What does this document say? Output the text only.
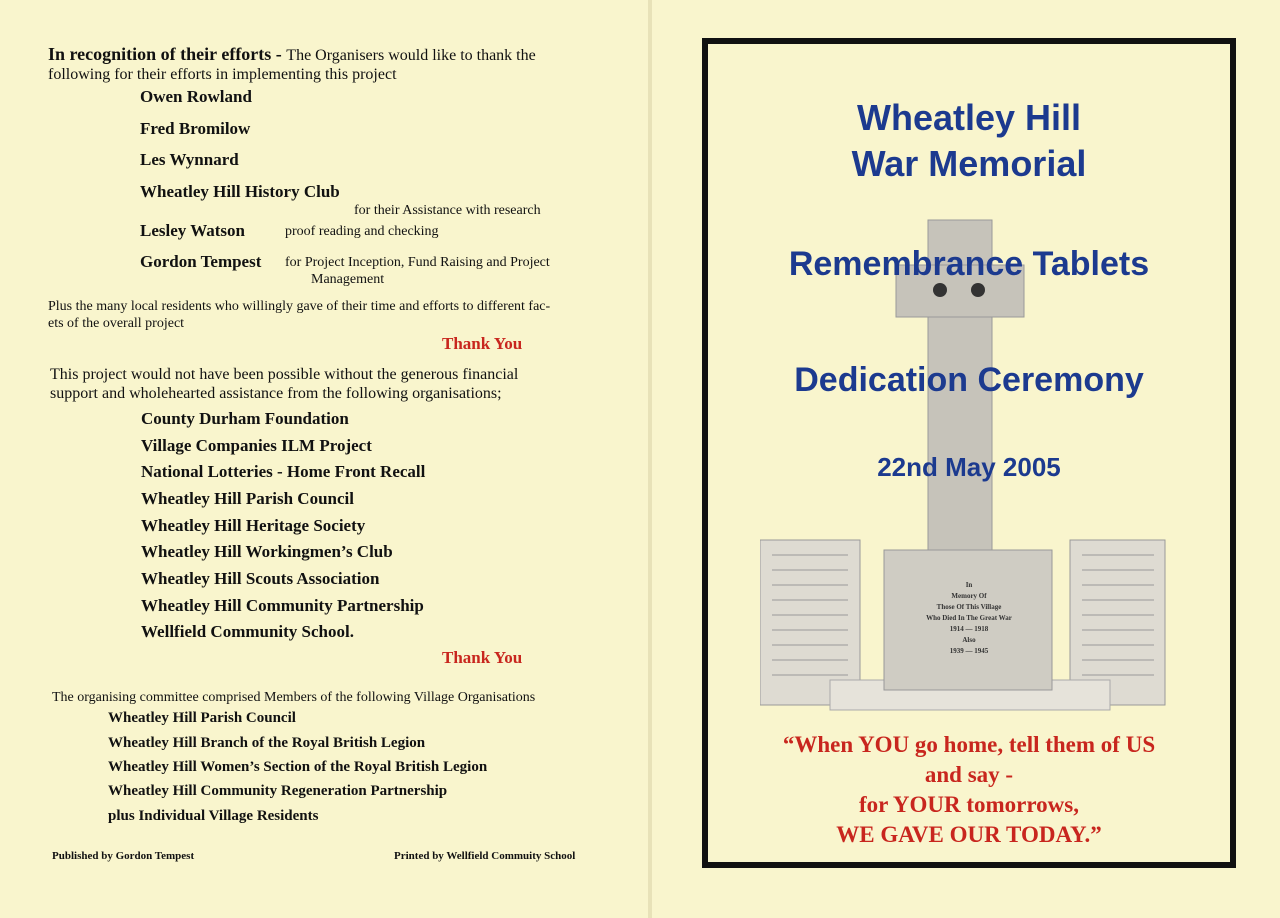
In recognition of their efforts - The Organisers would like to thank the
following for their efforts in implementing this project
Owen Rowland
Fred Bromilow
Les Wynnard
Wheatley Hill History Club
for their Assistance with research
Lesley Watson	proof reading and checking
Gordon Tempest for Project Inception, Fund Raising and Project
Management
Plus the many local residents who willingly gave of their time and efforts to different fac-
ets of the overall project
Thank You
This project would not have been possible without the generous financial
support and wholehearted assistance from the following organisations;
County Durham Foundation
Village Companies ILM Project
National Lotteries - Home Front Recall
Wheatley Hill Parish Council
Wheatley Hill Heritage Society
Wheatley Hill Workingmen’s Club
Wheatley Hill Scouts Association
Wheatley Hill Community Partnership
Wellfield Community School.
Thank You
The organising committee comprised Members of the following Village Organisations
Wheatley Hill Parish Council
Wheatley Hill Branch of the Royal British Legion
Wheatley Hill Women’s Section of the Royal British Legion
Wheatley Hill Community Regeneration Partnership
plus Individual Village Residents
Published by Gordon Tempest	Printed by Wellfield Commuity School
Wheatley Hill
War Memorial
Remembrance Tablets
Dedication Ceremony
22nd May 2005
In
Memory Of
Those Of This Village
Who Died In The Great War
1914 — 1918
Also
1939 — 1945
“When YOU go home, tell them of US
and say -
for YOUR tomorrows,
WE GAVE OUR TODAY.”
